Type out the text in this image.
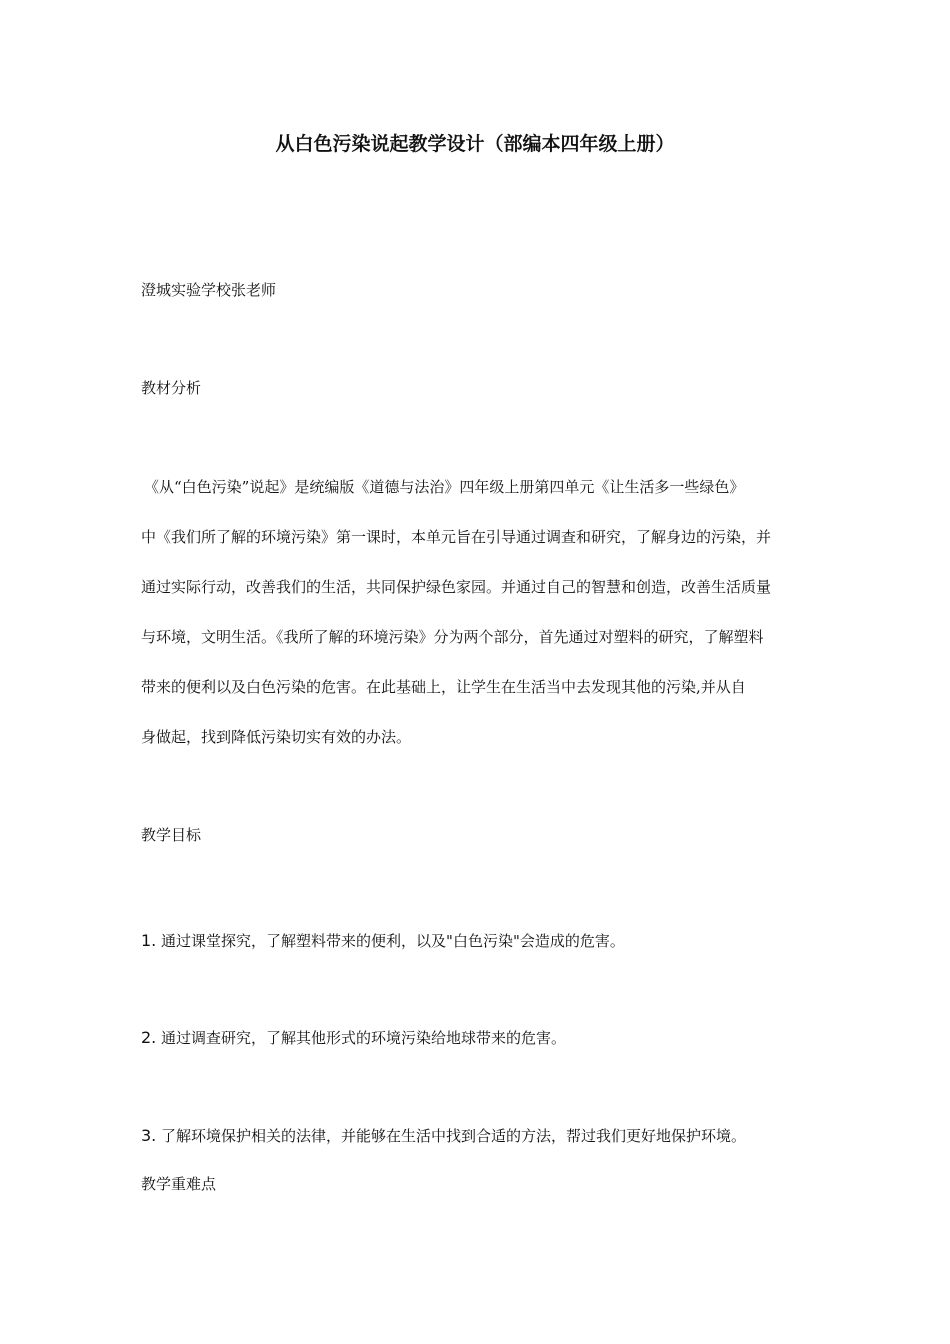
从白色污染说起教学设计（部编本四年级上册）

澄城实验学校张老师

教材分析

《从“白色污染”说起》是统编版《道德与法治》四年级上册第四单元《让生活多一些绿色》

中《我们所了解的环境污染》第一课时，本单元旨在引导通过调查和研究，了解身边的污染，并

通过实际行动，改善我们的生活，共同保护绿色家园。并通过自己的智慧和创造，改善生活质量

与环境，文明生活。《我所了解的环境污染》分为两个部分，首先通过对塑料的研究，了解塑料

带来的便利以及白色污染的危害。在此基础上，让学生在生活当中去发现其他的污染,并从自

身做起，找到降低污染切实有效的办法。

教学目标

1. 通过课堂探究，了解塑料带来的便利，以及"白色污染"会造成的危害。

2. 通过调查研究，了解其他形式的环境污染给地球带来的危害。

3. 了解环境保护相关的法律，并能够在生活中找到合适的方法，帮过我们更好地保护环境。

教学重难点
